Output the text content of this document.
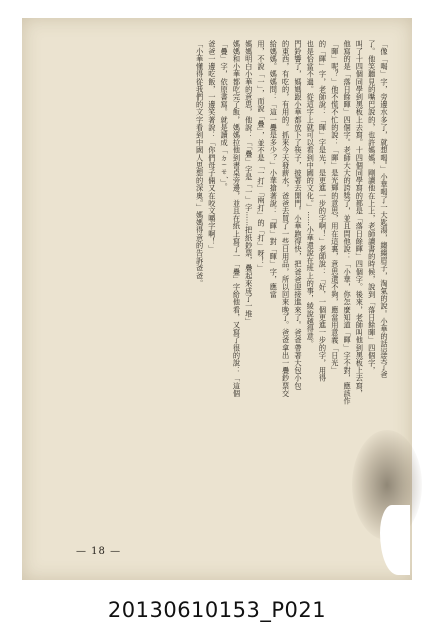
「像「喝」字，旁邊水多了，就想喝。」小華喝了一大匙湯，縐縐眉子，淘氣的說。小華的話逗笑了爸

了。他笑聽見的嘴巴說的，也許媽媽，剛讀他在上上，老師讀書的時候，說到「落日餘暉」四個字，

叫了十四個同學到黑板上去寫。十四個同學寫的都是「落日餘暉」四個字。後來，老師叫他到黑板上去寫，

他寫的是「落日餘暉」四個字。老師大大的誇獎了，並且問他說：「小華，你怎麼知道「暉」字不對，應該作

「暉」呢？」他不慌不忙的說：「暉」是光輝的意思，用在這裏，意思還不夠，應當用意義「日光」

的「暉」字，老師說：「暉」字是光，是更進一步的字啊！」老師說：「好，一個更進一步的字，用得

也是恰當不過。從這字上就可以看到中國的文化。」……小華還說在班上的事，綾說越得意。

門鈴響了，媽媽跟小華都放下了筷子，披著去開門。小華跑得快，把爸爸迎接進來了。爸爸帶著大包小包

的東西，有吃的，有用的。抓來今天發薪水，爸爸去買了一些日用品，所以回來晚了。爸爸拿出一疊鈔票交

給媽媽。媽媽問：「這一疊是多少？」小華搶著說：「暉」對「暉」字，應當

用，不說「一」，而說「疊」，並不是「一打」「兩打」的「打」呀！」

媽媽明白小華的意思，他說：「「疊」字是「一」字……把紙鈔票，疊起來成了一堆」

媽媽和小華都吃完了飯，媽媽拉他到書桌旁邊，並且在紙上寫了一「疊」字給他看，又寫了很的說：「這個

「疊」字，依原書寫。就是讀成「ㄉㄧㄝˊ」。

爸爸一邊吃飯，一邊笑著說：「你們母子倆又在咬文嚼字啊！」

「小華懂得從我們的文字看到中國人思想的深奧。」媽媽得意的告訴爸爸。

— 18 —
20130610153_P021
